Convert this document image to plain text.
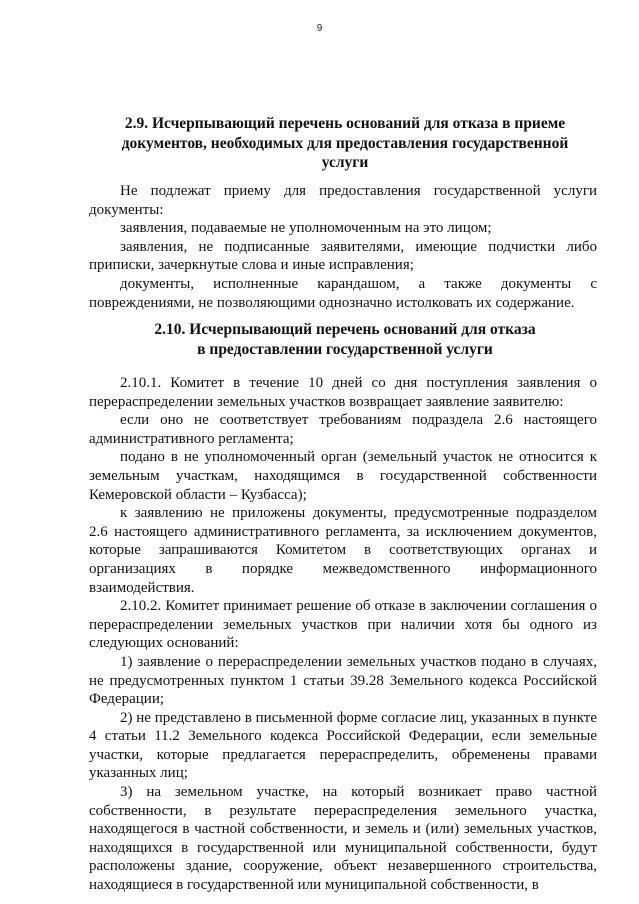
9
2.9. Исчерпывающий перечень оснований для отказа в приеме документов, необходимых для предоставления государственной услуги

Не подлежат приему для предоставления государственной услуги документы:

заявления, подаваемые не уполномоченным на это лицом;

заявления, не подписанные заявителями, имеющие подчистки либо приписки, зачеркнутые слова и иные исправления;

документы, исполненные карандашом, а также документы с повреждениями, не позволяющими однозначно истолковать их содержание.

2.10. Исчерпывающий перечень оснований для отказа
в предоставлении государственной услуги

2.10.1. Комитет в течение 10 дней со дня поступления заявления о перераспределении земельных участков возвращает заявление заявителю:

если оно не соответствует требованиям подраздела 2.6 настоящего административного регламента;

подано в не уполномоченный орган (земельный участок не относится к земельным участкам, находящимся в государственной собственности Кемеровской области – Кузбасса);

к заявлению не приложены документы, предусмотренные подразделом 2.6 настоящего административного регламента, за исключением документов, которые запрашиваются Комитетом в соответствующих органах и организациях в порядке межведомственного информационного взаимодействия.

2.10.2. Комитет принимает решение об отказе в заключении соглашения о перераспределении земельных участков при наличии хотя бы одного из следующих оснований:

1) заявление о перераспределении земельных участков подано в случаях, не предусмотренных пунктом 1 статьи 39.28 Земельного кодекса Российской Федерации;

2) не представлено в письменной форме согласие лиц, указанных в пункте 4 статьи 11.2 Земельного кодекса Российской Федерации, если земельные участки, которые предлагается перераспределить, обременены правами указанных лиц;

3) на земельном участке, на который возникает право частной собственности, в результате перераспределения земельного участка, находящегося в частной собственности, и земель и (или) земельных участков, находящихся в государственной или муниципальной собственности, будут расположены здание, сооружение, объект незавершенного строительства, находящиеся в государственной или муниципальной собственности, в
